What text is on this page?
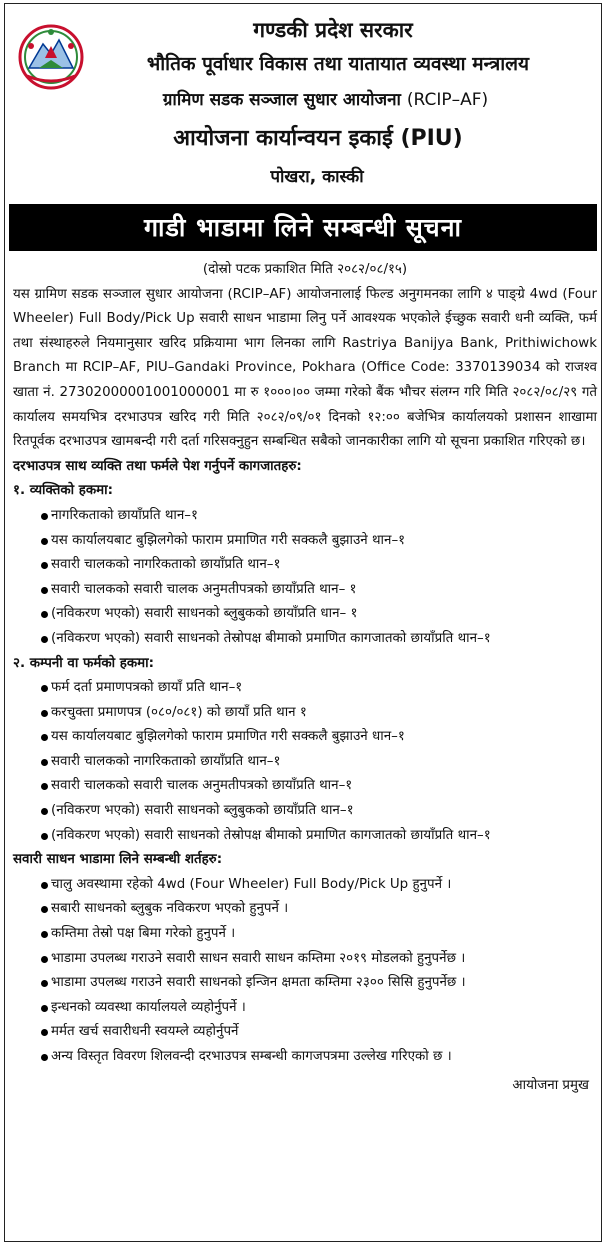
गण्डकी प्रदेश सरकार
भौतिक पूर्वाधार विकास तथा यातायात व्यवस्था मन्त्रालय
ग्रामिण सडक सञ्जाल सुधार आयोजना (RCIP–AF)
आयोजना कार्यान्वयन इकाई (PIU)
पोखरा, कास्की
गाडी भाडामा लिने सम्बन्धी सूचना
(दोस्रो पटक प्रकाशित मिति २०८२/०८/१५)
यस ग्रामिण सडक सञ्जाल सुधार आयोजना (RCIP–AF) आयोजनालाई फिल्ड अनुगमनका लागि ४ पाङ्ग्रे 4wd (Four Wheeler) Full Body/Pick Up सवारी साधन भाडामा लिनु पर्ने आवश्यक भएकोले ईच्छुक सवारी धनी व्यक्ति, फर्म तथा संस्थाहरुले नियमानुसार खरिद प्रक्रियामा भाग लिनका लागि Rastriya Banijya Bank, Prithiwichowk Branch मा RCIP–AF, PIU–Gandaki Province, Pokhara (Office Code: 3370139034 को राजश्व खाता नं. 27302000001001000001 मा रु १०००।०० जम्मा गरेको बैंक भौचर संलग्न गरि मिति २०८२/०८/२९ गते कार्यालय समयभित्र दरभाउपत्र खरिद गरी मिति २०८२/०९/०१ दिनको १२:०० बजेभित्र कार्यालयको प्रशासन शाखामा रितपूर्वक दरभाउपत्र खामबन्दी गरी दर्ता गरिसक्नुहुन सम्बन्धित सबैको जानकारीका लागि यो सूचना प्रकाशित गरिएको छ।
दरभाउपत्र साथ व्यक्ति तथा फर्मले पेश गर्नुपर्ने कागजातहरु:
१. व्यक्तिको हकमा:
नागरिकताको छायाँप्रति थान–१
यस कार्यालयबाट बुझिलगेको फाराम प्रमाणित गरी सक्कलै बुझाउने थान–१
सवारी चालकको नागरिकताको छायाँप्रति थान–१
सवारी चालकको सवारी चालक अनुमतीपत्रको छायाँप्रति थान– १
(नविकरण भएको) सवारी साधनको ब्लुबुकको छायाँप्रति धान– १
(नविकरण भएको) सवारी साधनको तेस्रोपक्ष बीमाको प्रमाणित कागजातको छायाँप्रति थान–१
२. कम्पनी वा फर्मको हकमा:
फर्म दर्ता प्रमाणपत्रको छायाँ प्रति थान–१
करचुक्ता प्रमाणपत्र (०८०/०८१) को छायाँ प्रति थान १
यस कार्यालयबाट बुझिलगेको फाराम प्रमाणित गरी सक्कलै बुझाउने धान–१
सवारी चालकको नागरिकताको छायाँप्रति थान–१
सवारी चालकको सवारी चालक अनुमतीपत्रको छायाँप्रति थान–१
(नविकरण भएको) सवारी साधनको ब्लुबुकको छायाँप्रति थान–१
(नविकरण भएको) सवारी साधनको तेस्रोपक्ष बीमाको प्रमाणित कागजातको छायाँप्रति थान–१
सवारी साधन भाडामा लिने सम्बन्धी शर्तहरु:
चालु अवस्थामा रहेको 4wd (Four Wheeler) Full Body/Pick Up हुनुपर्ने ।
सबारी साधनको ब्लुबुक नविकरण भएको हुनुपर्ने ।
कम्तिमा तेस्रो पक्ष बिमा गरेको हुनुपर्ने ।
भाडामा उपलब्ध गराउने सवारी साधन सवारी साधन कम्तिमा २०१९ मोडलको हुनुपर्नेछ ।
भाडामा उपलब्ध गराउने सवारी साधनको इन्जिन क्षमता कम्तिमा २३०० सिसि हुनुपर्नेछ ।
इन्धनको व्यवस्था कार्यालयले व्यहोर्नुपर्ने ।
मर्मत खर्च सवारीधनी स्वयम्ले व्यहोर्नुपर्ने
अन्य विस्तृत विवरण शिलवन्दी दरभाउपत्र सम्बन्धी कागजपत्रमा उल्लेख गरिएको छ ।
आयोजना प्रमुख
